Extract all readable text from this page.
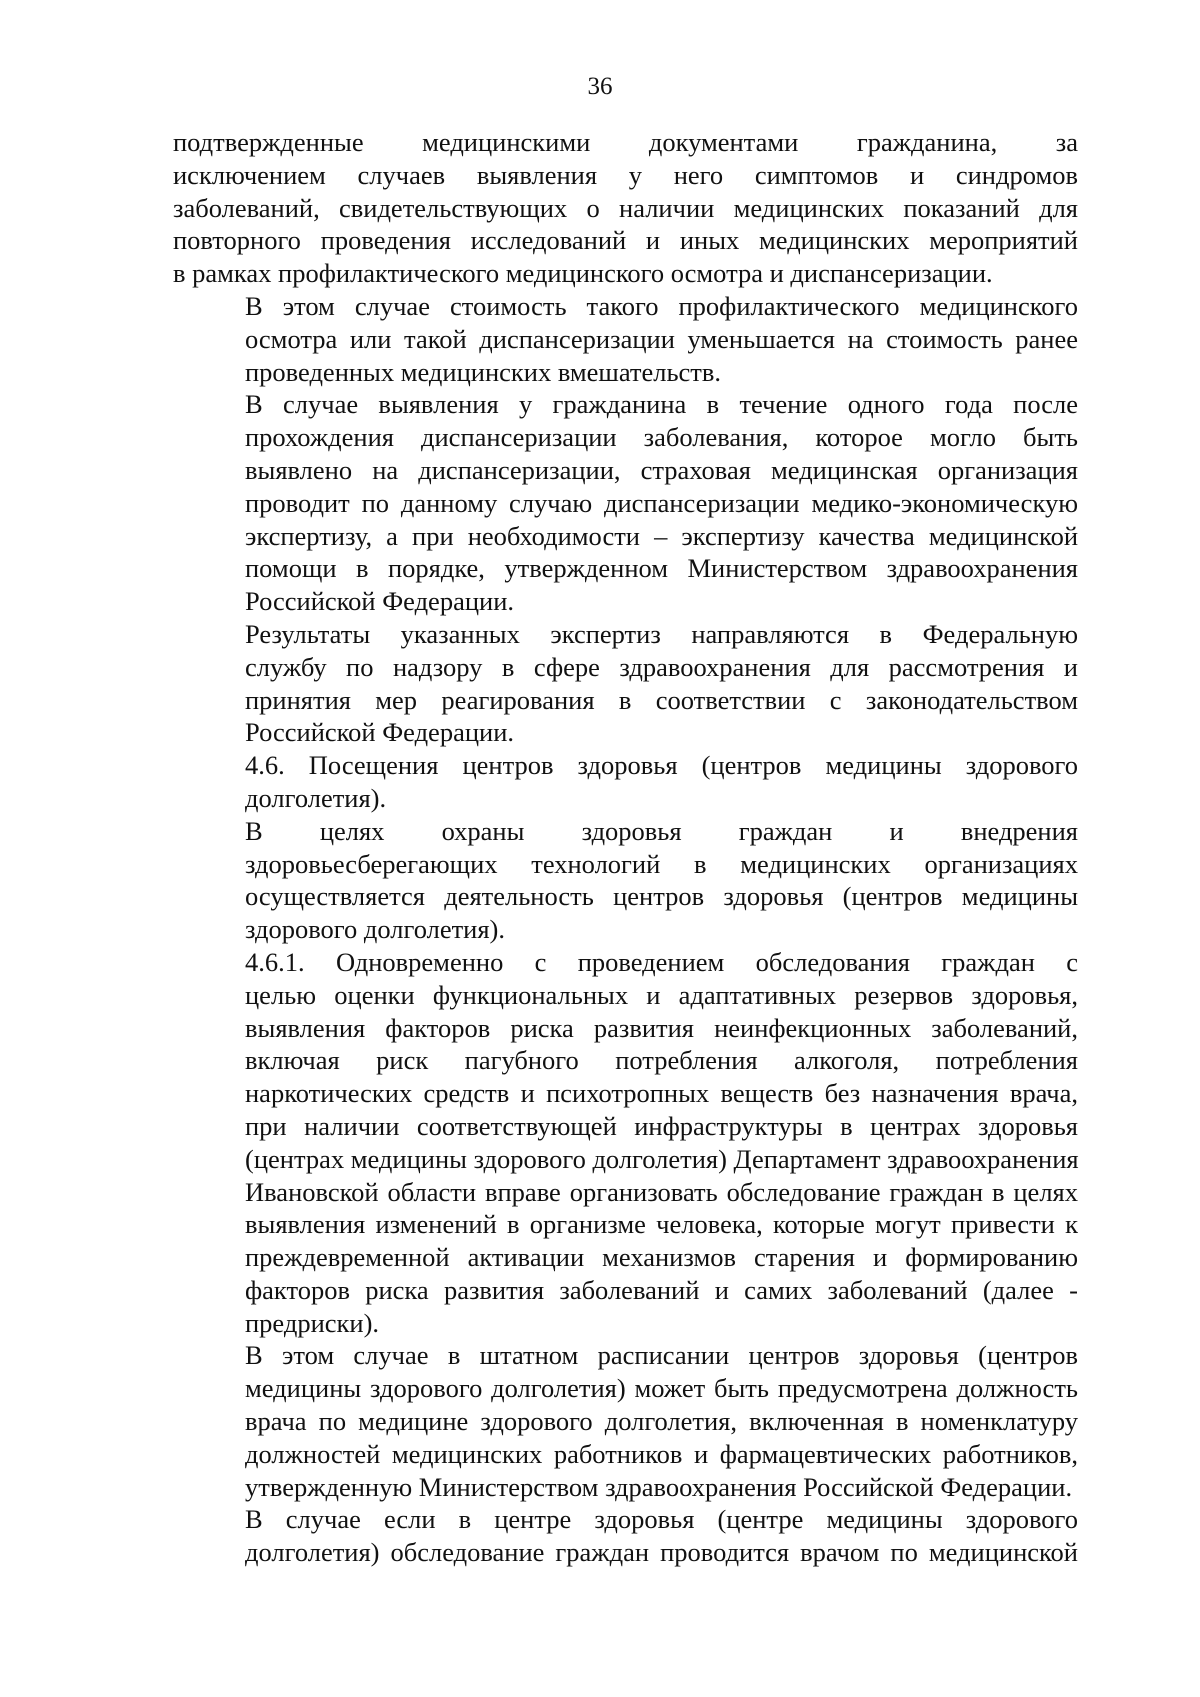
36
подтвержденные медицинскими документами гражданина, за
исключением случаев выявления у него симптомов и синдромов
заболеваний, свидетельствующих о наличии медицинских показаний для
повторного проведения исследований и иных медицинских мероприятий
в рамках профилактического медицинского осмотра и диспансеризации.
В этом случае стоимость такого профилактического медицинского
осмотра или такой диспансеризации уменьшается на стоимость ранее
проведенных медицинских вмешательств.
В случае выявления у гражданина в течение одного года после
прохождения диспансеризации заболевания, которое могло быть
выявлено на диспансеризации, страховая медицинская организация
проводит по данному случаю диспансеризации медико-экономическую
экспертизу, а при необходимости – экспертизу качества медицинской
помощи в порядке, утвержденном Министерством здравоохранения
Российской Федерации.
Результаты указанных экспертиз направляются в Федеральную
службу по надзору в сфере здравоохранения для рассмотрения и
принятия мер реагирования в соответствии с законодательством
Российской Федерации.
4.6. Посещения центров здоровья (центров медицины здорового
долголетия).
В целях охраны здоровья граждан и внедрения
здоровьесберегающих технологий в медицинских организациях
осуществляется деятельность центров здоровья (центров медицины
здорового долголетия).
4.6.1. Одновременно с проведением обследования граждан с
целью оценки функциональных и адаптативных резервов здоровья,
выявления факторов риска развития неинфекционных заболеваний,
включая риск пагубного потребления алкоголя, потребления
наркотических средств и психотропных веществ без назначения врача,
при наличии соответствующей инфраструктуры в центрах здоровья
(центрах медицины здорового долголетия) Департамент здравоохранения
Ивановской области вправе организовать обследование граждан в целях
выявления изменений в организме человека, которые могут привести к
преждевременной активации механизмов старения и формированию
факторов риска развития заболеваний и самих заболеваний (далее -
предриски).
В этом случае в штатном расписании центров здоровья (центров
медицины здорового долголетия) может быть предусмотрена должность
врача по медицине здорового долголетия, включенная в номенклатуру
должностей медицинских работников и фармацевтических работников,
утвержденную Министерством здравоохранения Российской Федерации.
В случае если в центре здоровья (центре медицины здорового
долголетия) обследование граждан проводится врачом по медицинской
